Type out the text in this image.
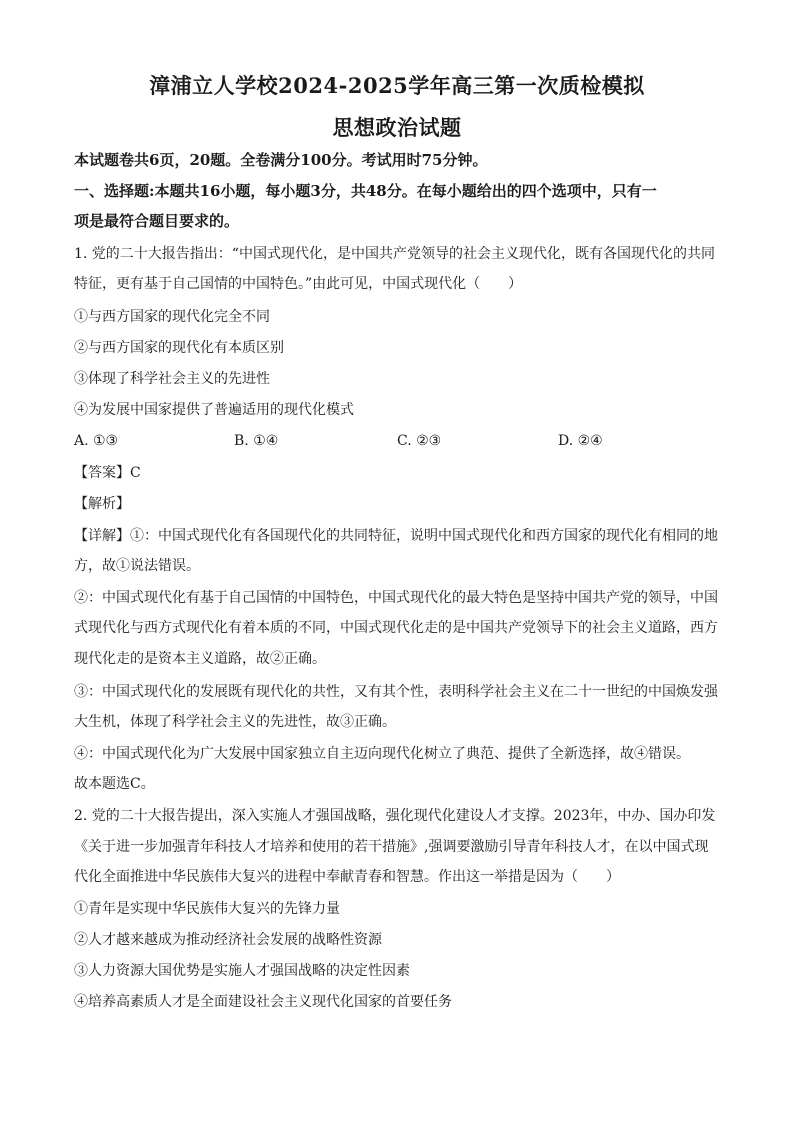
漳浦立人学校2024-2025学年高三第一次质检模拟
思想政治试题
本试题卷共6页，20题。全卷满分100分。考试用时75分钟。
一、选择题:本题共16小题，每小题3分，共48分。在每小题给出的四个选项中，只有一
项是最符合题目要求的。
1. 党的二十大报告指出：“中国式现代化，是中国共产党领导的社会主义现代化，既有各国现代化的共同
特征，更有基于自己国情的中国特色。”由此可见，中国式现代化（　　）
①与西方国家的现代化完全不同
②与西方国家的现代化有本质区别
③体现了科学社会主义的先进性
④为发展中国家提供了普遍适用的现代化模式
A. ①③	B. ①④	C. ②③	D. ②④
【答案】C
【解析】
【详解】①：中国式现代化有各国现代化的共同特征，说明中国式现代化和西方国家的现代化有相同的地
方，故①说法错误。
②：中国式现代化有基于自己国情的中国特色，中国式现代化的最大特色是坚持中国共产党的领导，中国
式现代化与西方式现代化有着本质的不同，中国式现代化走的是中国共产党领导下的社会主义道路，西方
现代化走的是资本主义道路，故②正确。
③：中国式现代化的发展既有现代化的共性，又有其个性，表明科学社会主义在二十一世纪的中国焕发强
大生机，体现了科学社会主义的先进性，故③正确。
④：中国式现代化为广大发展中国家独立自主迈向现代化树立了典范、提供了全新选择，故④错误。
故本题选C。
2. 党的二十大报告提出，深入实施人才强国战略，强化现代化建设人才支撑。2023年，中办、国办印发
《关于进一步加强青年科技人才培养和使用的若干措施》,强调要激励引导青年科技人才，在以中国式现
代化全面推进中华民族伟大复兴的进程中奉献青春和智慧。作出这一举措是因为（　　）
①青年是实现中华民族伟大复兴的先锋力量
②人才越来越成为推动经济社会发展的战略性资源
③人力资源大国优势是实施人才强国战略的决定性因素
④培养高素质人才是全面建设社会主义现代化国家的首要任务
